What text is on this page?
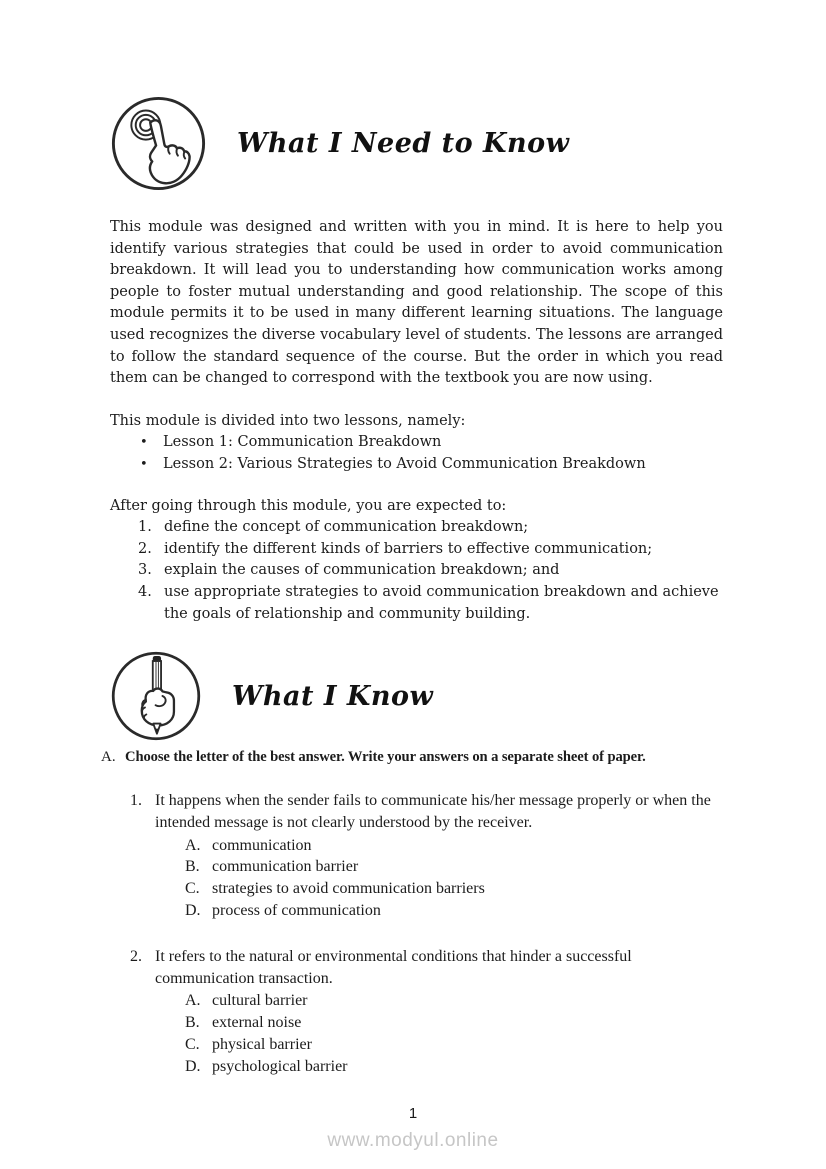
What I Need to Know
This module was designed and written with you in mind. It is here to help you identify various strategies that could be used in order to avoid communication breakdown. It will lead you to understanding how communication works among people to foster mutual understanding and good relationship. The scope of this module permits it to be used in many different learning situations. The language used recognizes the diverse vocabulary level of students. The lessons are arranged to follow the standard sequence of the course. But the order in which you read them can be changed to correspond with the textbook you are now using.
This module is divided into two lessons, namely:
•	Lesson 1: Communication Breakdown
•	Lesson 2: Various Strategies to Avoid Communication Breakdown
After going through this module, you are expected to:
1. define the concept of communication breakdown;
2. identify the different kinds of barriers to effective communication;
3. explain the causes of communication breakdown; and
4. use appropriate strategies to avoid communication breakdown and achieve the goals of relationship and community building.
What I Know
A. Choose the letter of the best answer. Write your answers on a separate sheet of paper.
1. It happens when the sender fails to communicate his/her message properly or when the intended message is not clearly understood by the receiver.
A. communication
B. communication barrier
C. strategies to avoid communication barriers
D. process of communication
2. It refers to the natural or environmental conditions that hinder a successful communication transaction.
A. cultural barrier
B. external noise
C. physical barrier
D. psychological barrier
1
www.modyul.online
